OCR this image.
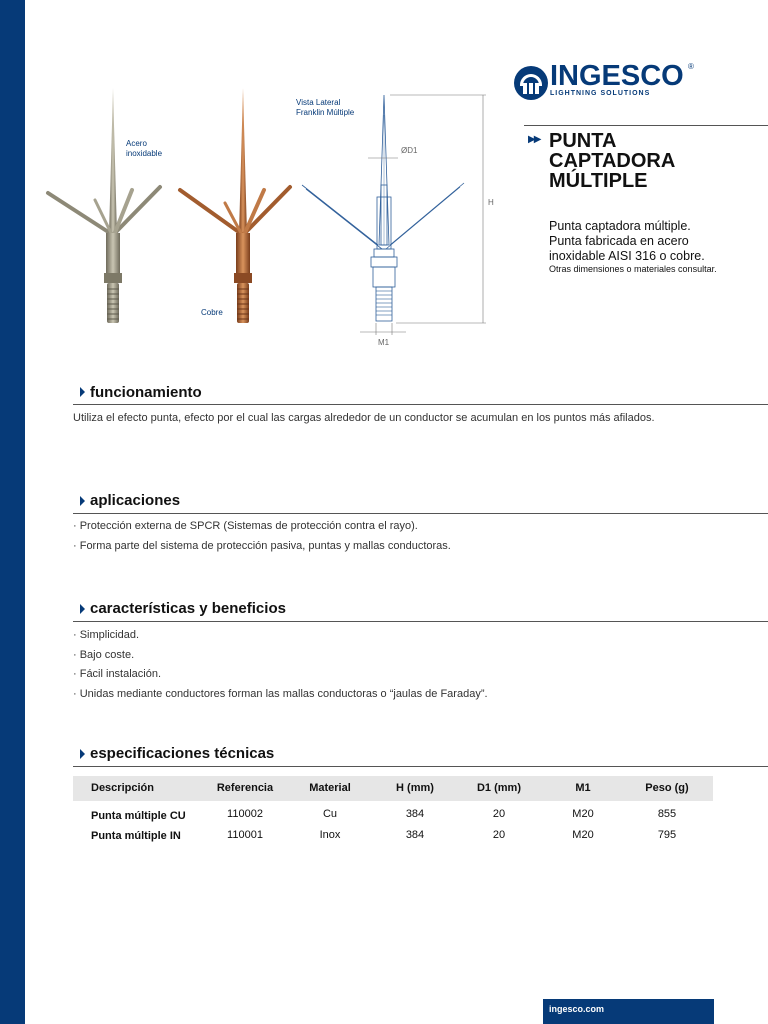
INGESCO ®
LIGHTNING SOLUTIONS
▶▶ PUNTA
CAPTADORA
MÚLTIPLE
Punta captadora múltiple.
Punta fabricada en acero
inoxidable AISI 316 o cobre.
Otras dimensiones o materiales consultar.
Acero
inoxidable
Cobre
Vista Lateral
Franklin Múltiple
ØD1
H
M1
funcionamiento
Utiliza el efecto punta, efecto por el cual las cargas alrededor de un conductor se acumulan en los puntos más afilados.
aplicaciones
· Protección externa de SPCR (Sistemas de protección contra el rayo).
· Forma parte del sistema de protección pasiva, puntas y mallas conductoras.
características y beneficios
· Simplicidad.
· Bajo coste.
· Fácil instalación.
· Unidas mediante conductores forman las mallas conductoras o “jaulas de Faraday”.
especificaciones técnicas
Descripción	Referencia	Material	H (mm)	D1 (mm)	M1	Peso (g)
Punta múltiple CU	110002	Cu	384	20	M20	855
Punta múltiple IN	110001	Inox	384	20	M20	795
ingesco.com
